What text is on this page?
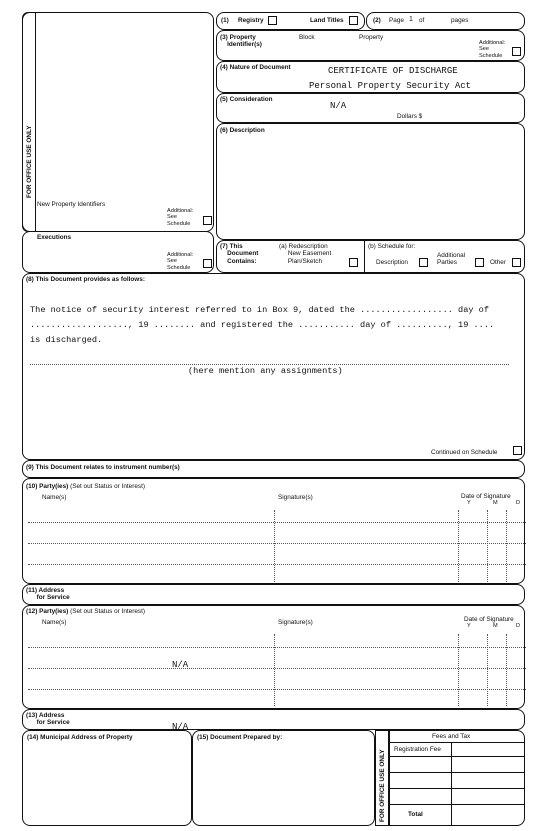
FOR OFFICE USE ONLY
New Property Identifiers
Additional:
See
Schedule
Executions
Additional:
See
Schedule
(1) Registry	Land Titles	(2) Page 1 of	pages
(3) Property
Identifier(s)
Block	Property
Additional:
See
Schedule
(4) Nature of Document	CERTIFICATE OF DISCHARGE
Personal Property Security Act
(5) Consideration
N/A
Dollars $
(6) Description
(7) This
Document
Contains:
(a) Redescription
New Easement
Plan/Sketch
(b) Schedule for:
Description
Additional
Parties	Other
(8) This Document provides as follows:
The notice of security interest referred to in Box 9, dated the .................. day of
..................., 19 ........ and registered the ........... day of .........., 19 ....
is discharged.
(here mention any assignments)
Continued on Schedule
(9) This Document relates to instrument number(s)
(10) Party(ies) (Set out Status or Interest)
Name(s)	Signature(s)	Date of Signature
Y	M	D
(11) Address
for Service
(12) Party(ies) (Set out Status or Interest)
Name(s)	Signature(s)	Date of Signature
Y	M	D
N/A
(13) Address
for Service	N/A
(14) Municipal Address of Property	(15) Document Prepared by:
FOR OFFICE USE ONLY
Fees and Tax
Registration Fee
Total
